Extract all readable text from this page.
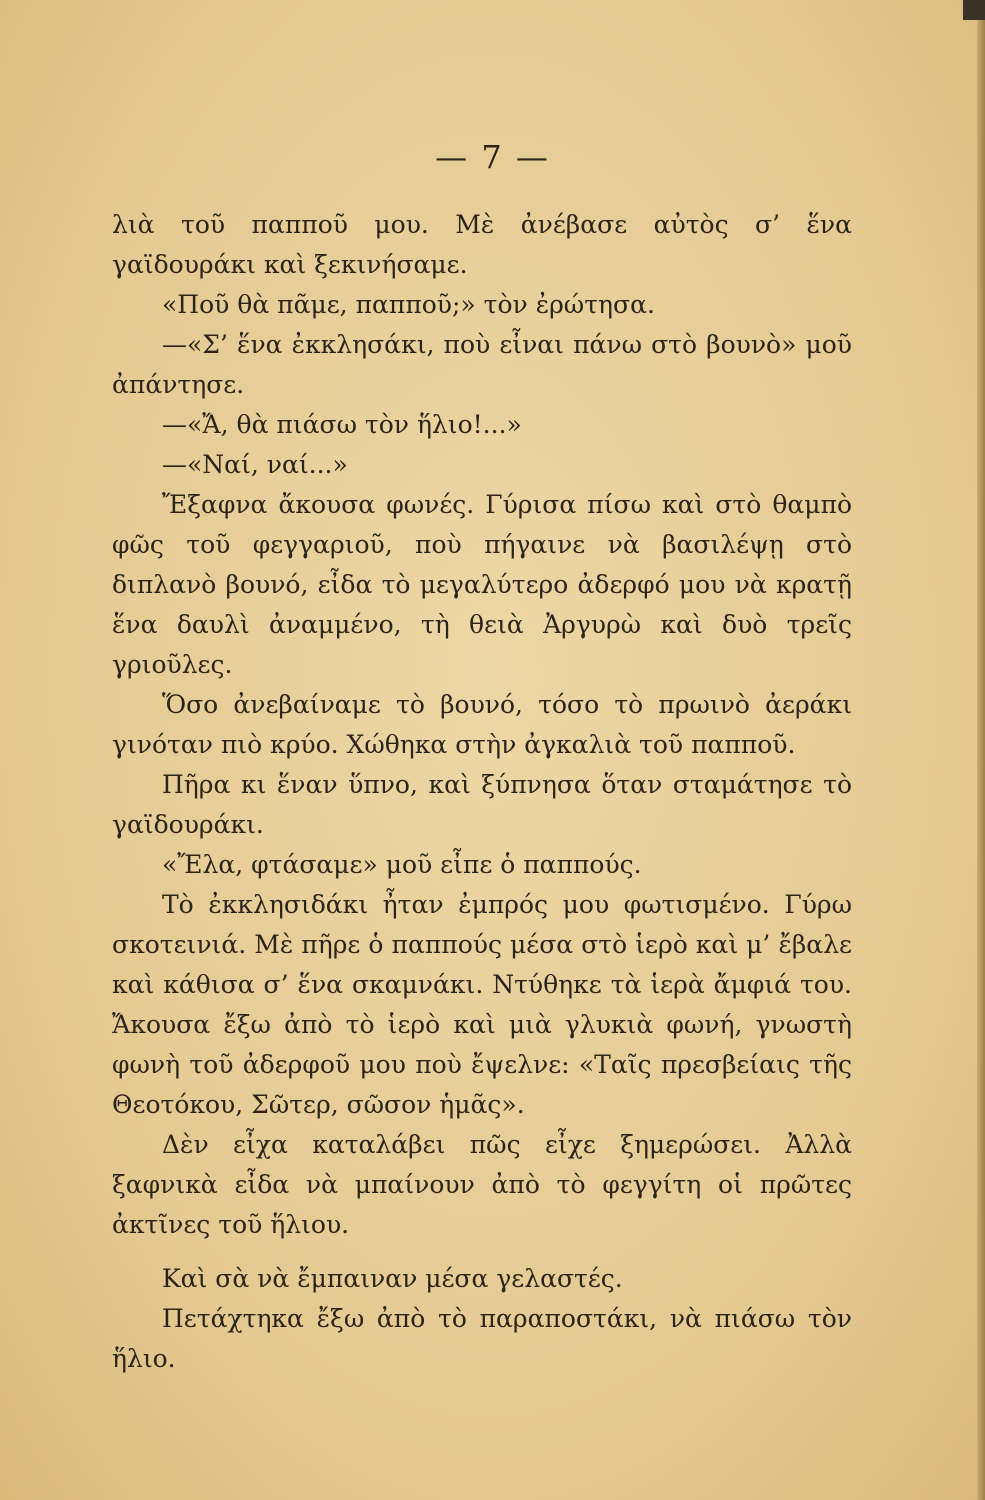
— 7 —

λιὰ τοῦ παπποῦ μου. Μὲ ἀνέβασε αὐτὸς σ’ ἕνα γαϊδουράκι καὶ ξεκινήσαμε.

«Ποῦ θὰ πᾶμε, παπποῦ;» τὸν ἐρώτησα.

—«Σ’ ἕνα ἐκκλησάκι, ποὺ εἶναι πάνω στὸ βουνὸ» μοῦ ἀπάντησε.

—«Ἄ, θὰ πιάσω τὸν ἥλιο!...»

—«Ναί, ναί...»

Ἔξαφνα ἄκουσα φωνές. Γύρισα πίσω καὶ στὸ θαμπὸ φῶς τοῦ φεγγαριοῦ, ποὺ πήγαινε νὰ βασιλέψῃ στὸ διπλανὸ βουνό, εἶδα τὸ μεγαλύτερο ἀδερφό μου νὰ κρατῇ ἕνα δαυλὶ ἀναμμένο, τὴ θειὰ Ἀργυρὼ καὶ δυὸ τρεῖς γριοῦλες.

Ὅσο ἀνεβαίναμε τὸ βουνό, τόσο τὸ πρωινὸ ἀεράκι γινόταν πιὸ κρύο. Χώθηκα στὴν ἀγκαλιὰ τοῦ παπποῦ.

Πῆρα κι ἕναν ὕπνο, καὶ ξύπνησα ὅταν σταμάτησε τὸ γαϊδουράκι.

«Ἔλα, φτάσαμε» μοῦ εἶπε ὁ παππούς.

Τὸ ἐκκλησιδάκι ἦταν ἐμπρός μου φωτισμένο. Γύρω σκοτεινιά. Μὲ πῆρε ὁ παππούς μέσα στὸ ἱερὸ καὶ μ’ ἔβαλε καὶ κάθισα σ’ ἕνα σκαμνάκι. Ντύθηκε τὰ ἱερὰ ἄμφιά του. Ἄκουσα ἔξω ἀπὸ τὸ ἱερὸ καὶ μιὰ γλυκιὰ φωνή, γνωστὴ φωνὴ τοῦ ἀδερφοῦ μου ποὺ ἔψελνε: «Ταῖς πρεσβείαις τῆς Θεοτόκου, Σῶτερ, σῶσον ἡμᾶς».

Δὲν εἶχα καταλάβει πῶς εἶχε ξημερώσει. Ἀλλὰ ξαφνικὰ εἶδα νὰ μπαίνουν ἀπὸ τὸ φεγγίτη οἱ πρῶτες ἀκτῖνες τοῦ ἥλιου.

Καὶ σὰ νὰ ἔμπαιναν μέσα γελαστές.

Πετάχτηκα ἔξω ἀπὸ τὸ παραποστάκι, νὰ πιάσω τὸν ἥλιο.
